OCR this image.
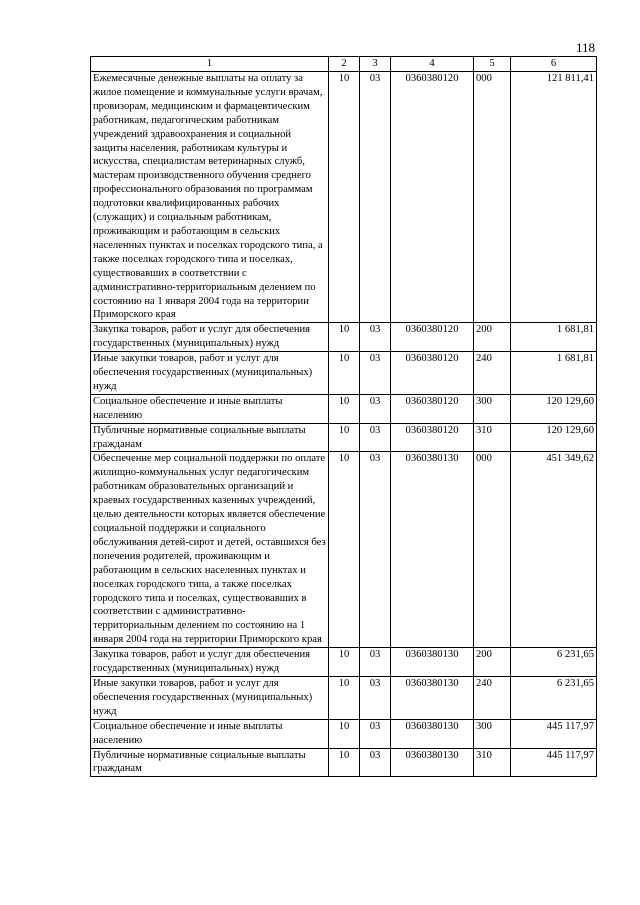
118
1	2	3	4	5	6
Ежемесячные денежные выплаты на оплату за жилое помещение и коммунальные услуги врачам, провизорам, медицинским и фармацевтическим работникам, педагогическим работникам учреждений здравоохранения и социальной защиты населения, работникам культуры и искусства, специалистам ветеринарных служб, мастерам производственного обучения среднего профессионального образования по программам подготовки квалифицированных рабочих (служащих) и социальным работникам, проживающим и работающим в сельских населенных пунктах и поселках городского типа, а также поселках городского типа и поселках, существовавших в соответствии с административно-территориальным делением по состоянию на 1 января 2004 года на территории Приморского края	10	03	0360380120	000	121 811,41
Закупка товаров, работ и услуг для обеспечения государственных (муниципальных) нужд	10	03	0360380120	200	1 681,81
Иные закупки товаров, работ и услуг для обеспечения государственных (муниципальных) нужд	10	03	0360380120	240	1 681,81
Социальное обеспечение и иные выплаты населению	10	03	0360380120	300	120 129,60
Публичные нормативные социальные выплаты гражданам	10	03	0360380120	310	120 129,60
Обеспечение мер социальной поддержки по оплате жилищно-коммунальных услуг педагогическим работникам образовательных организаций и краевых государственных казенных учреждений, целью деятельности которых является обеспечение социальной поддержки и социального обслуживания детей-сирот и детей, оставшихся без попечения родителей, проживающим и работающим в сельских населенных пунктах и поселках городского типа, а также поселках городского типа и поселках, существовавших в соответствии с административно-территориальным делением по состоянию на 1 января 2004 года на территории Приморского края	10	03	0360380130	000	451 349,62
Закупка товаров, работ и услуг для обеспечения государственных (муниципальных) нужд	10	03	0360380130	200	6 231,65
Иные закупки товаров, работ и услуг для обеспечения государственных (муниципальных) нужд	10	03	0360380130	240	6 231,65
Социальное обеспечение и иные выплаты населению	10	03	0360380130	300	445 117,97
Публичные нормативные социальные выплаты гражданам	10	03	0360380130	310	445 117,97
